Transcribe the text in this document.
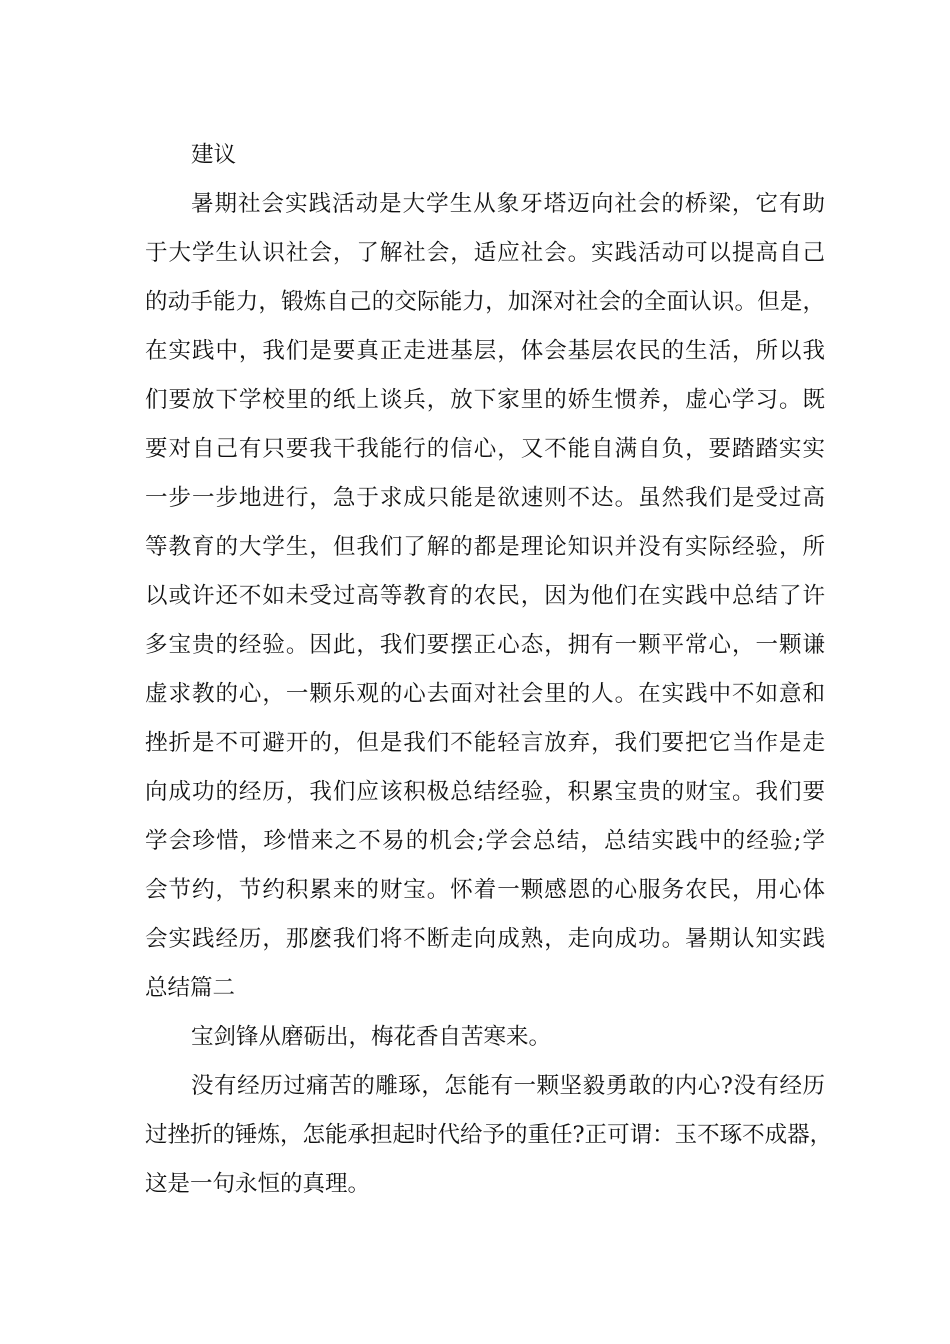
建议
暑期社会实践活动是大学生从象牙塔迈向社会的桥梁，它有助
于大学生认识社会，了解社会，适应社会。实践活动可以提高自己
的动手能力，锻炼自己的交际能力，加深对社会的全面认识。但是，
在实践中，我们是要真正走进基层，体会基层农民的生活，所以我
们要放下学校里的纸上谈兵，放下家里的娇生惯养，虚心学习。既
要对自己有只要我干我能行的信心，又不能自满自负，要踏踏实实
一步一步地进行，急于求成只能是欲速则不达。虽然我们是受过高
等教育的大学生，但我们了解的都是理论知识并没有实际经验，所
以或许还不如未受过高等教育的农民，因为他们在实践中总结了许
多宝贵的经验。因此，我们要摆正心态，拥有一颗平常心，一颗谦
虚求教的心，一颗乐观的心去面对社会里的人。在实践中不如意和
挫折是不可避开的，但是我们不能轻言放弃，我们要把它当作是走
向成功的经历，我们应该积极总结经验，积累宝贵的财宝。我们要
学会珍惜，珍惜来之不易的机会;学会总结，总结实践中的经验;学
会节约，节约积累来的财宝。怀着一颗感恩的心服务农民，用心体
会实践经历，那麽我们将不断走向成熟，走向成功。暑期认知实践
总结篇二
宝剑锋从磨砺出，梅花香自苦寒来。
没有经历过痛苦的雕琢，怎能有一颗坚毅勇敢的内心?没有经历
过挫折的锤炼，怎能承担起时代给予的重任?正可谓：玉不琢不成器，
这是一句永恒的真理。
